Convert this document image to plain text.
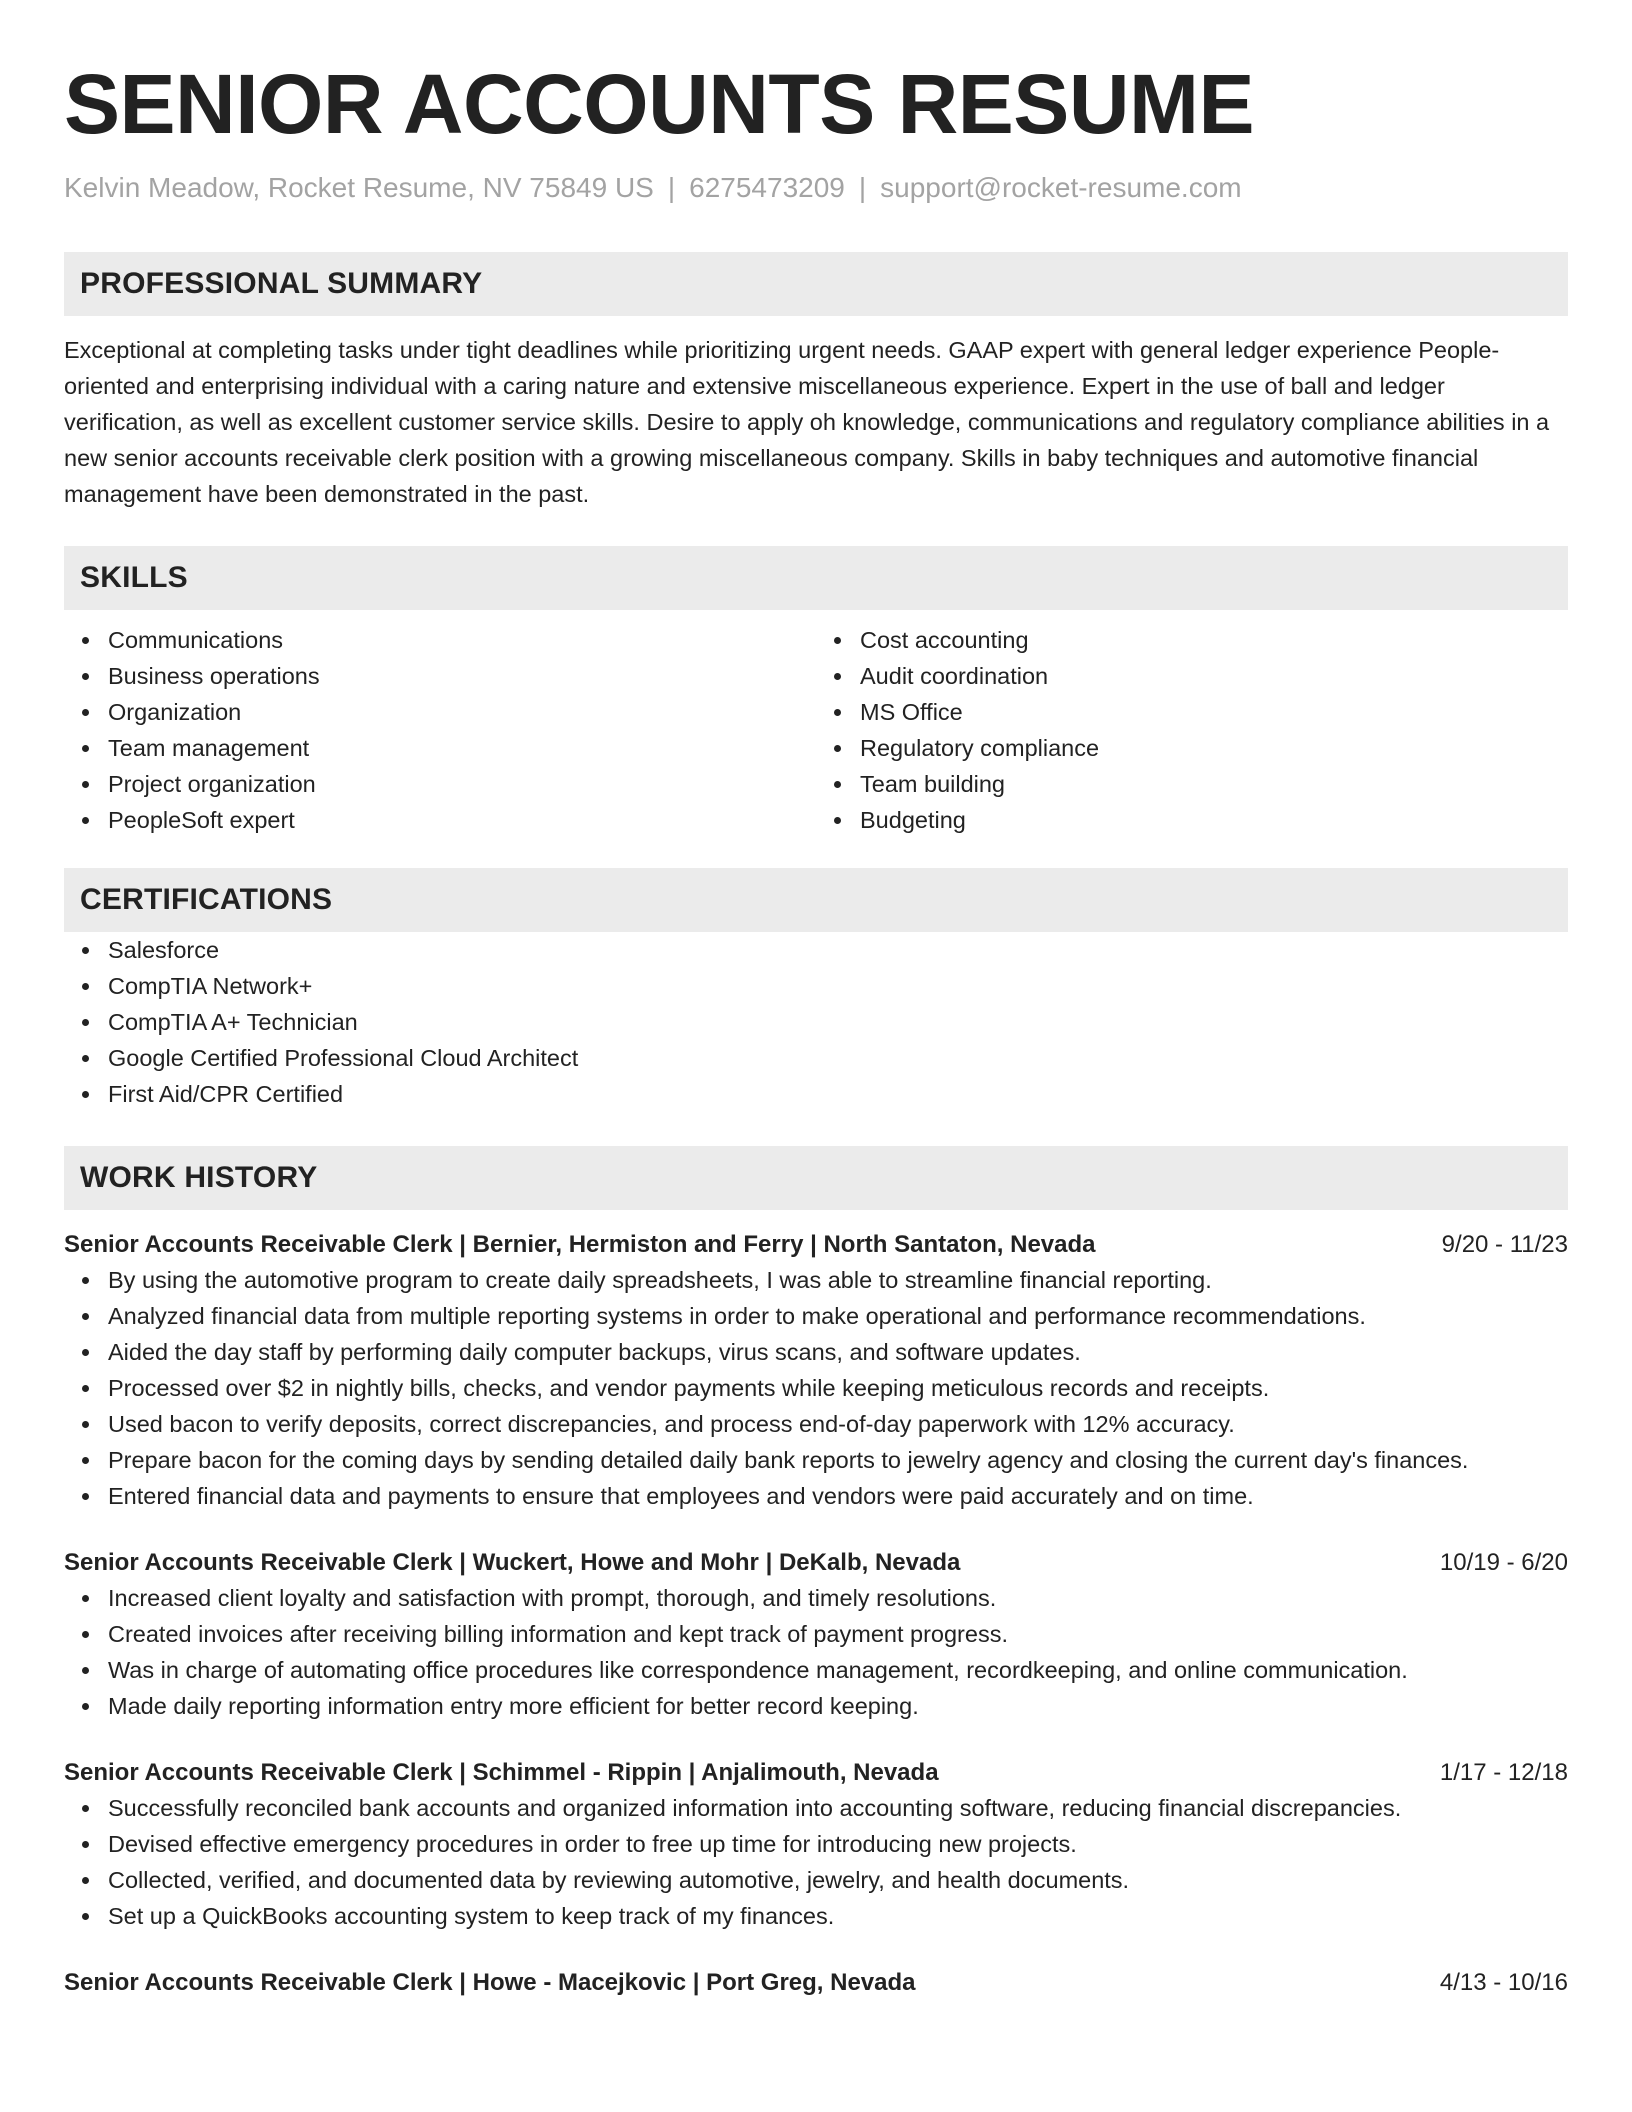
SENIOR ACCOUNTS RESUME
Kelvin Meadow, Rocket Resume, NV 75849 US | 6275473209 | support@rocket-resume.com
PROFESSIONAL SUMMARY

Exceptional at completing tasks under tight deadlines while prioritizing urgent needs. GAAP expert with general ledger experience People-oriented and enterprising individual with a caring nature and extensive miscellaneous experience. Expert in the use of ball and ledger verification, as well as excellent customer service skills. Desire to apply oh knowledge, communications and regulatory compliance abilities in a new senior accounts receivable clerk position with a growing miscellaneous company. Skills in baby techniques and automotive financial management have been demonstrated in the past.

SKILLS
Communications
Business operations
Organization
Team management
Project organization
PeopleSoft expert
Cost accounting
Audit coordination
MS Office
Regulatory compliance
Team building
Budgeting
CERTIFICATIONS
Salesforce
CompTIA Network+
CompTIA A+ Technician
Google Certified Professional Cloud Architect
First Aid/CPR Certified
WORK HISTORY
Senior Accounts Receivable Clerk | Bernier, Hermiston and Ferry | North Santaton, Nevada	9/20 - 11/23
By using the automotive program to create daily spreadsheets, I was able to streamline financial reporting.
Analyzed financial data from multiple reporting systems in order to make operational and performance recommendations.
Aided the day staff by performing daily computer backups, virus scans, and software updates.
Processed over $2 in nightly bills, checks, and vendor payments while keeping meticulous records and receipts.
Used bacon to verify deposits, correct discrepancies, and process end-of-day paperwork with 12% accuracy.
Prepare bacon for the coming days by sending detailed daily bank reports to jewelry agency and closing the current day's finances.
Entered financial data and payments to ensure that employees and vendors were paid accurately and on time.
Senior Accounts Receivable Clerk | Wuckert, Howe and Mohr | DeKalb, Nevada	10/19 - 6/20
Increased client loyalty and satisfaction with prompt, thorough, and timely resolutions.
Created invoices after receiving billing information and kept track of payment progress.
Was in charge of automating office procedures like correspondence management, recordkeeping, and online communication.
Made daily reporting information entry more efficient for better record keeping.
Senior Accounts Receivable Clerk | Schimmel - Rippin | Anjalimouth, Nevada	1/17 - 12/18
Successfully reconciled bank accounts and organized information into accounting software, reducing financial discrepancies.
Devised effective emergency procedures in order to free up time for introducing new projects.
Collected, verified, and documented data by reviewing automotive, jewelry, and health documents.
Set up a QuickBooks accounting system to keep track of my finances.
Senior Accounts Receivable Clerk | Howe - Macejkovic | Port Greg, Nevada	4/13 - 10/16
